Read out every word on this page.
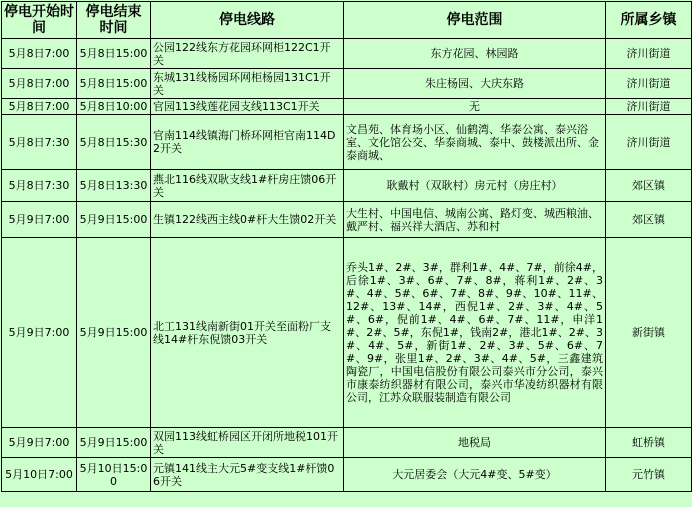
停电开始时间	停电结束时间	停电线路	停电范围	所属乡镇
5月8日7:00	5月8日15:00	公园122线东方花园环网柜122C1开关	东方花园、林园路	济川街道
5月8日7:00	5月8日15:00	东城131线杨园环网柜杨园131C1开关	朱庄杨园、大庆东路	济川街道
5月8日7:00	5月8日10:00	官园113线莲花园支线113C1开关	无	济川街道
5月8日7:30	5月8日15:30	官南114线镇海门桥环网柜官南114D2开关	文昌苑、体育场小区、仙鹤湾、华泰公寓、泰兴浴室、文化馆公交、华泰商城、泰中、鼓楼派出所、金泰商城、	济川街道
5月8日7:30	5月8日13:30	燕北116线双耿支线1#杆房庄馈06开关	耿戴村（双耿村）房元村（房庄村）	郊区镇
5月9日7:00	5月9日15:00	生镇122线西主线0#杆大生馈02开关	大生村、中国电信、城南公寓、路灯变、城西粮油、戴严村、福兴祥大酒店、苏和村	郊区镇
5月9日7:00	5月9日15:00	北工131线南新街01开关至面粉厂支线14#杆东倪馈03开关	乔头1#、2#、3#，群利1#、4#、7#，前徐4#，后徐1#、3#、6#、7#、8#，蒋利1#、2#、3#、4#、5#、6#、7#、8#、9#、10#、11#、12#、13#、14#，西倪1#、2#、3#、4#、5#、6#，倪前1#、4#、6#、7#、11#，申洋1#、2#、5#，东倪1#，钱南2#，港北1#、2#、3#、4#、5#，新街1#、2#、3#、5#、6#、7#、9#，张里1#、2#、3#、4#、5#，三鑫建筑陶瓷厂，中国电信股份有限公司泰兴市分公司，泰兴市康泰纺织器材有限公司，泰兴市华凌纺织器材有限公司，江苏众联服装制造有限公司	新街镇
5月9日7:00	5月9日15:00	双园113线虹桥园区开闭所地税101开关	地税局	虹桥镇
5月10日7:00	5月10日15:00	元镇141线主大元5#变支线1#杆馈06开关	大元居委会（大元4#变、5#变）	元竹镇
